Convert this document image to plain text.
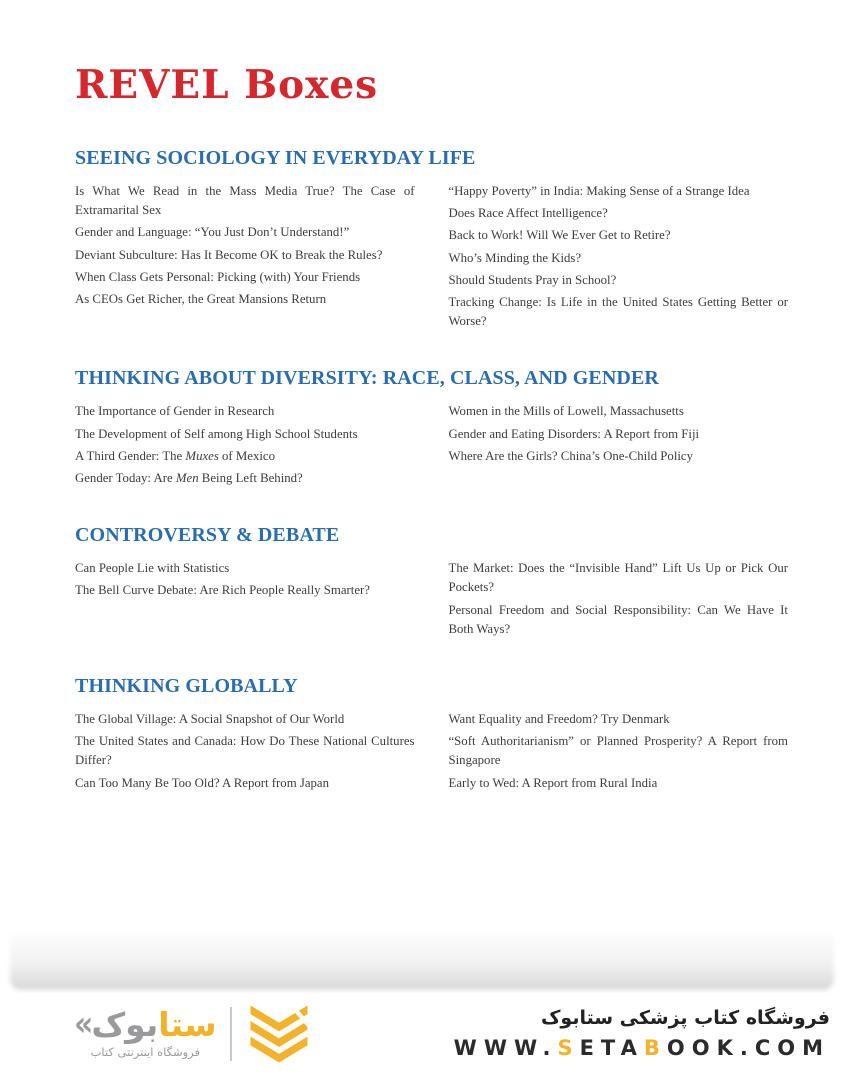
REVEL Boxes
SEEING SOCIOLOGY IN EVERYDAY LIFE

Is What We Read in the Mass Media True? The Case of Extramarital Sex

Gender and Language: “You Just Don’t Understand!”

Deviant Subculture: Has It Become OK to Break the Rules?

When Class Gets Personal: Picking (with) Your Friends

As CEOs Get Richer, the Great Mansions Return

“Happy Poverty” in India: Making Sense of a Strange Idea

Does Race Affect Intelligence?

Back to Work! Will We Ever Get to Retire?

Who’s Minding the Kids?

Should Students Pray in School?

Tracking Change: Is Life in the United States Getting Better or Worse?

THINKING ABOUT DIVERSITY: RACE, CLASS, AND GENDER

The Importance of Gender in Research

The Development of Self among High School Students

A Third Gender: The Muxes of Mexico

Gender Today: Are Men Being Left Behind?

Women in the Mills of Lowell, Massachusetts

Gender and Eating Disorders: A Report from Fiji

Where Are the Girls? China’s One-Child Policy

CONTROVERSY & DEBATE

Can People Lie with Statistics

The Bell Curve Debate: Are Rich People Really Smarter?

The Market: Does the “Invisible Hand” Lift Us Up or Pick Our Pockets?

Personal Freedom and Social Responsibility: Can We Have It Both Ways?

THINKING GLOBALLY

The Global Village: A Social Snapshot of Our World

The United States and Canada: How Do These National Cultures Differ?

Can Too Many Be Too Old? A Report from Japan

Want Equality and Freedom? Try Denmark

“Soft Authoritarianism” or Planned Prosperity? A Report from Singapore

Early to Wed: A Report from Rural India

«	ستابوک
فروشگاه اینترنتی کتاب
فروشگاه کتاب پزشکی ستابوک
WWW.SETABOOK.COM
